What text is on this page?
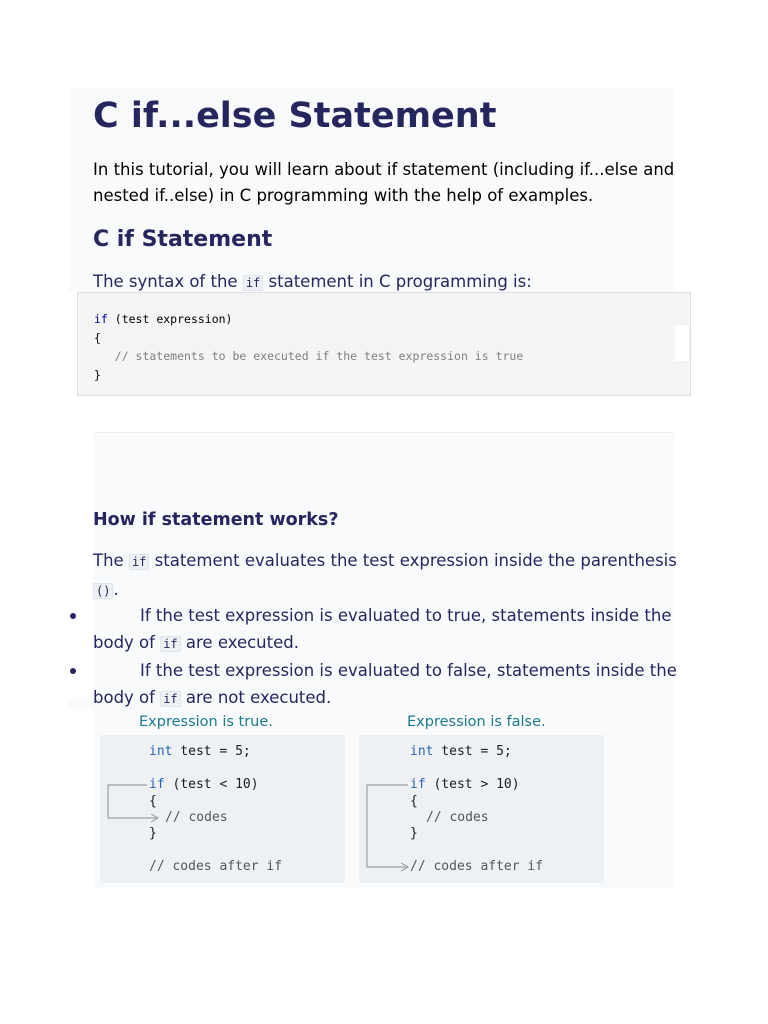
C if...else Statement

In this tutorial, you will learn about if statement (including if...else and nested if..else) in C programming with the help of examples.

C if Statement

The syntax of the if statement in C programming is:

if (test expression)
{
// statements to be executed if the test expression is true
}
How if statement works?

The if statement evaluates the test expression inside the parenthesis () .

If the test expression is evaluated to true, statements inside the body of if are executed.

If the test expression is evaluated to false, statements inside the body of if are not executed.

Expression is true.
int test = 5;
if (test < 10)
{
// codes
}
// codes after if
Expression is false.
int test = 5;
if (test > 10)
{
// codes
}
// codes after if
